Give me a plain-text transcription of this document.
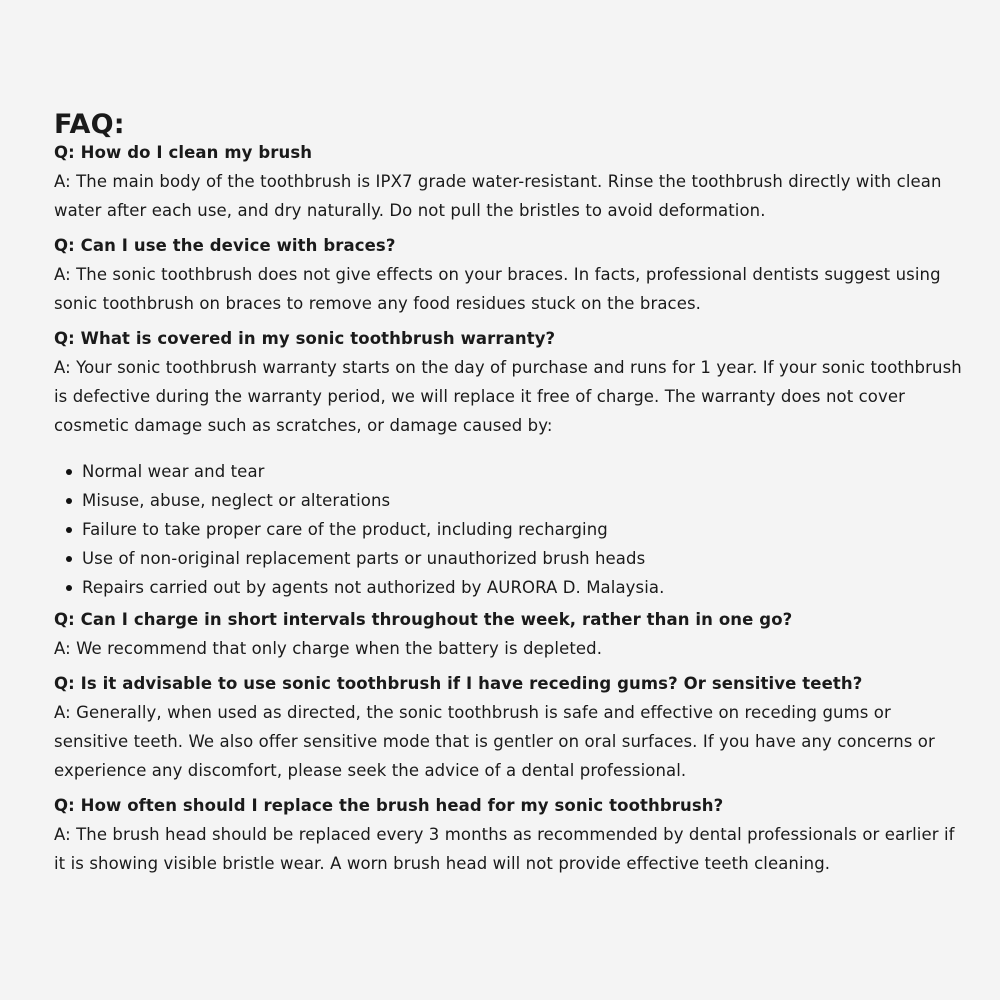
FAQ:

Q: How do I clean my brush

A: The main body of the toothbrush is IPX7 grade water-resistant. Rinse the toothbrush directly with clean water after each use, and dry naturally. Do not pull the bristles to avoid deformation.

Q: Can I use the device with braces?

A: The sonic toothbrush does not give effects on your braces. In facts, professional dentists suggest using sonic toothbrush on braces to remove any food residues stuck on the braces.

Q: What is covered in my sonic toothbrush warranty?

A: Your sonic toothbrush warranty starts on the day of purchase and runs for 1 year. If your sonic toothbrush is defective during the warranty period, we will replace it free of charge. The warranty does not cover cosmetic damage such as scratches, or damage caused by:

Normal wear and tear
Misuse, abuse, neglect or alterations
Failure to take proper care of the product, including recharging
Use of non-original replacement parts or unauthorized brush heads
Repairs carried out by agents not authorized by AURORA D. Malaysia.

Q: Can I charge in short intervals throughout the week, rather than in one go?

A: We recommend that only charge when the battery is depleted.

Q: Is it advisable to use sonic toothbrush if I have receding gums? Or sensitive teeth?

A: Generally, when used as directed, the sonic toothbrush is safe and effective on receding gums or sensitive teeth. We also offer sensitive mode that is gentler on oral surfaces. If you have any concerns or experience any discomfort, please seek the advice of a dental professional.

Q: How often should I replace the brush head for my sonic toothbrush?

A: The brush head should be replaced every 3 months as recommended by dental professionals or earlier if it is showing visible bristle wear. A worn brush head will not provide effective teeth cleaning.
